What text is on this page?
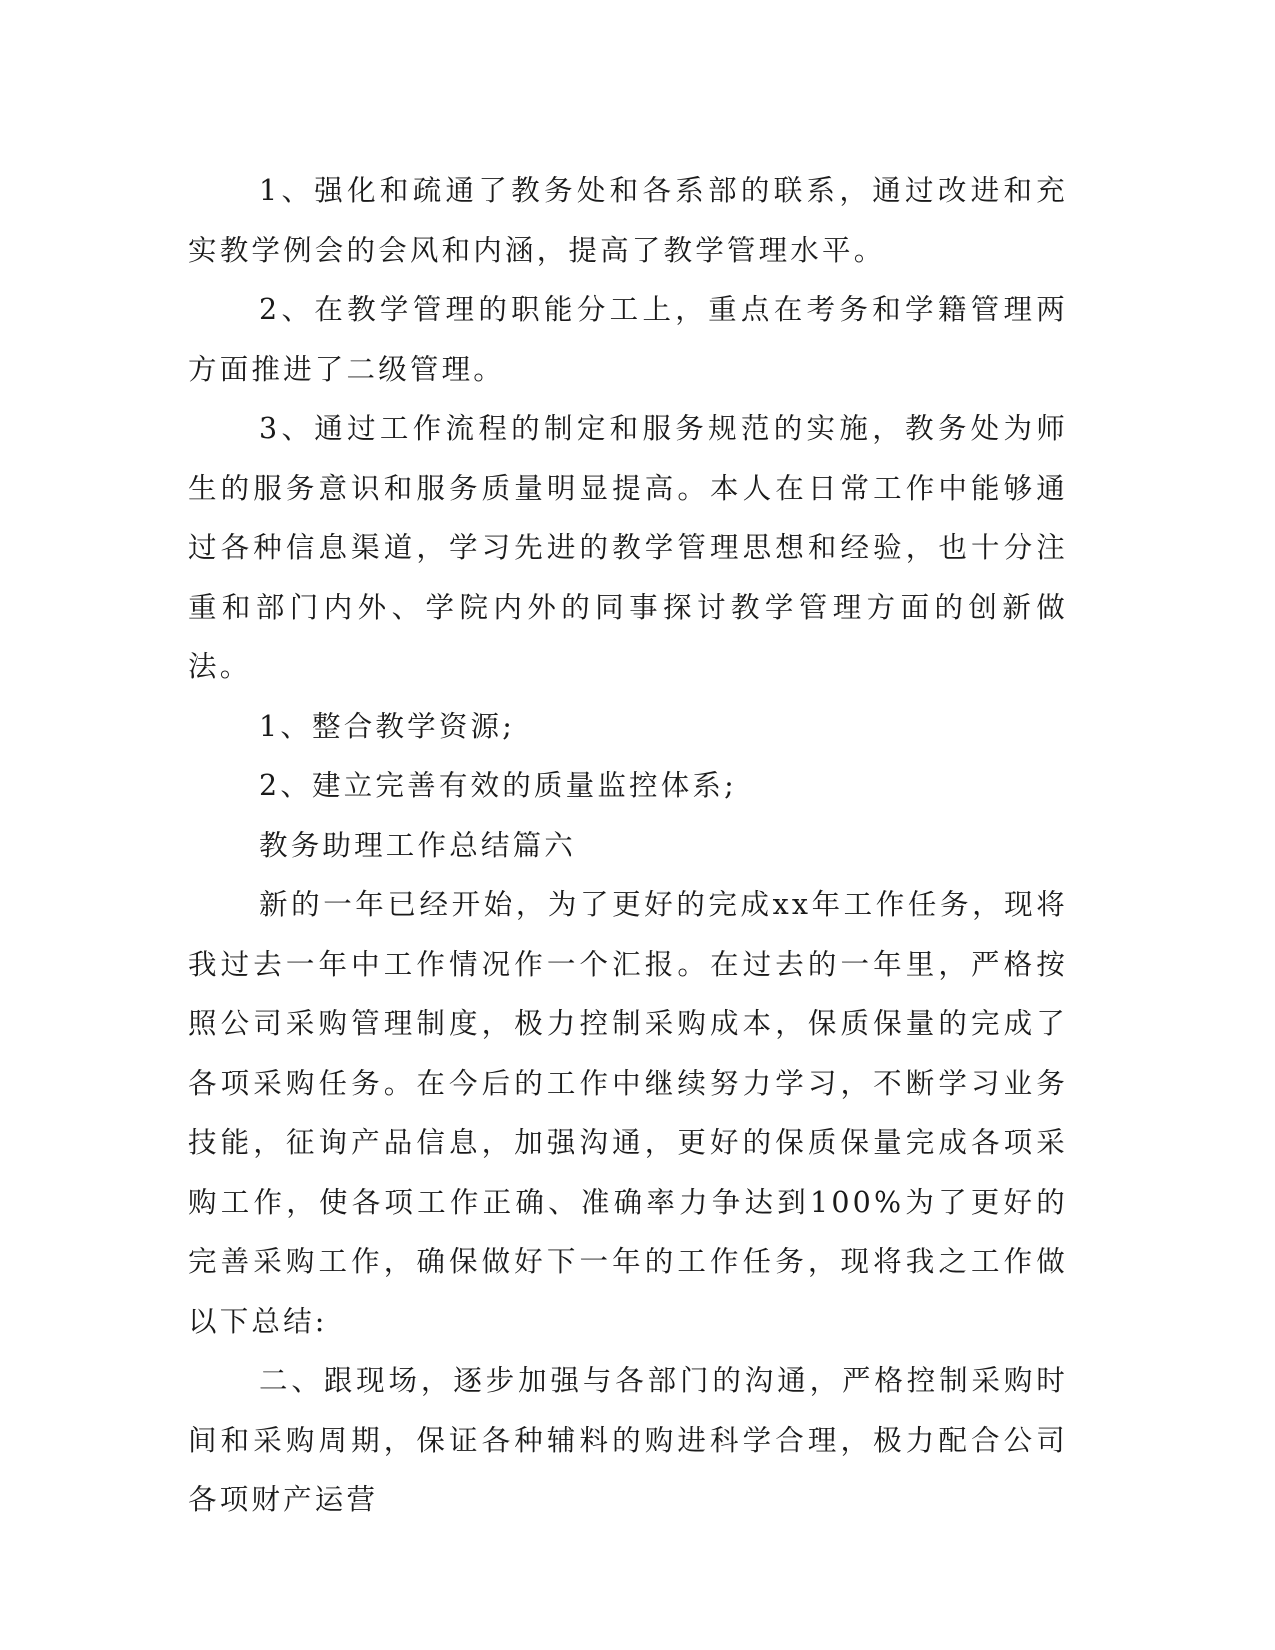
1、强化和疏通了教务处和各系部的联系，通过改进和充实教学例会的会风和内涵，提高了教学管理水平。

2、在教学管理的职能分工上，重点在考务和学籍管理两方面推进了二级管理。

3、通过工作流程的制定和服务规范的实施，教务处为师生的服务意识和服务质量明显提高。本人在日常工作中能够通过各种信息渠道，学习先进的教学管理思想和经验，也十分注重和部门内外、学院内外的同事探讨教学管理方面的创新做法。

1、整合教学资源;

2、建立完善有效的质量监控体系;

教务助理工作总结篇六

新的一年已经开始，为了更好的完成xx年工作任务，现将我过去一年中工作情况作一个汇报。在过去的一年里，严格按照公司采购管理制度，极力控制采购成本，保质保量的完成了各项采购任务。在今后的工作中继续努力学习，不断学习业务技能，征询产品信息，加强沟通，更好的保质保量完成各项采购工作，使各项工作正确、准确率力争达到100%为了更好的完善采购工作，确保做好下一年的工作任务，现将我之工作做以下总结:

二、跟现场，逐步加强与各部门的沟通，严格控制采购时间和采购周期，保证各种辅料的购进科学合理，极力配合公司各项财产运营
